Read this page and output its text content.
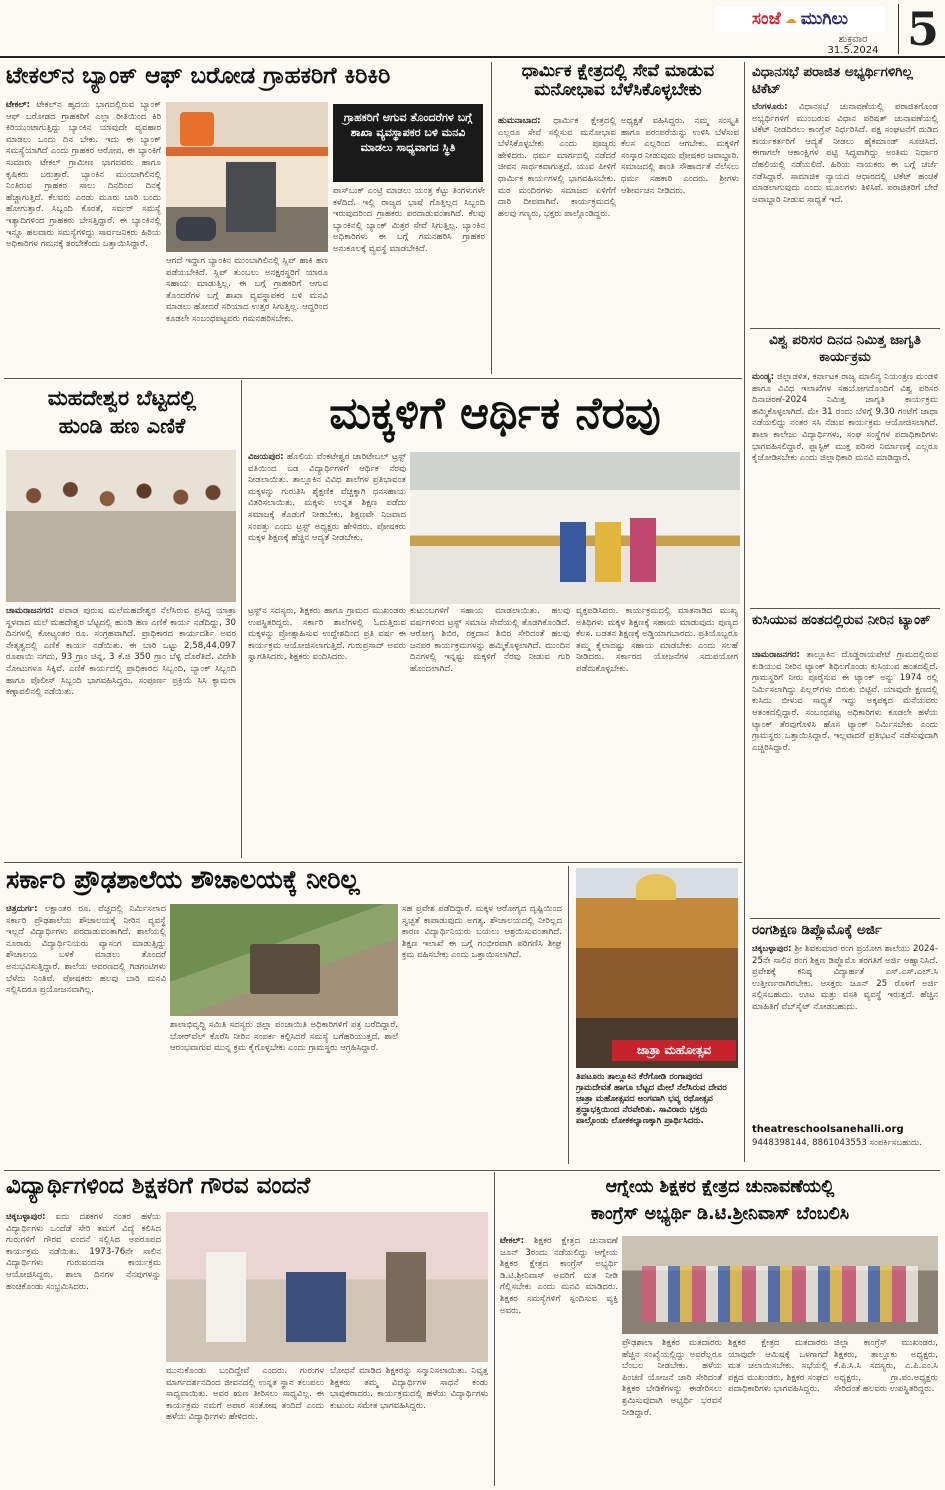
ಸಂಜೆ ☁ ಮುಗಿಲು
ಶುಕ್ರವಾರ
31.5.2024 5
ಟೇಕಲ್‌ನ ಬ್ಯಾಂಕ್ ಆಫ್ ಬರೋಡ ಗ್ರಾಹಕರಿಗೆ ಕಿರಿಕಿರಿ
ಟೇಕಲ್: ಟೇಕಲ್‌ನ ಹೃದಯ ಭಾಗದಲ್ಲಿರುವ ಬ್ಯಾಂಕ್ ಆಫ್ ಬರೋಡದ ಗ್ರಾಹಕರಿಗೆ ಎಲ್ಲಾ ರೀತಿಯಿಂದ ಕಿರಿ ಕಿರಿಯುಂಟಾಗುತ್ತಿದ್ದು ಬ್ಯಾಂಕಿನ ಯಾವುದೇ ವ್ಯವಹಾರ ಮಾಡಲು ಒಂದು ದಿನ ಬೇಕು. ಇದು ಈ ಬ್ಯಾಂಕ್ ಸಮಸ್ಯೆಯಾಗಿದೆ ಎಂದು ಗ್ರಾಹಕರ ಆರೋಪ. ಈ ಬ್ಯಾಂಕಿಗೆ ಸುಮಾರು ಟೇಕಲ್ ಗ್ರಾಮೀಣ ಭಾಗದವರು ಹಾಗೂ ಕೃಷಿಕರು ಬರುತ್ತಾರೆ. ಬ್ಯಾಂಕಿನ ಮುಂಬಾಗಿಲಿನಲ್ಲಿ ನಿಂತಿರುವ ಗ್ರಾಹಕರ ಸಾಲು ದಿನದಿಂದ ದಿನಕ್ಕೆ ಹೆಚ್ಚಾಗುತ್ತಿದೆ. ಕೆಲವರು ಎರಡು ಮೂರು ಬಾರಿ ಬಂದು ಹೋಗುತ್ತಾರೆ. ಸಿಬ್ಬಂದಿ ಕೊರತೆ, ಸರ್ವರ್ ಸಮಸ್ಯೆ ಇತ್ಯಾದಿಗಳಿಂದ ಗ್ರಾಹಕರು ಬೇಸತ್ತಿದ್ದಾರೆ. ಈ ಬ್ಯಾಂಕಿನಲ್ಲಿ ಇನ್ನೂ ಹಲವಾರು ಸಮಸ್ಯೆಗಳಿದ್ದು ಸಾರ್ವಜನಿಕರು ಹಿರಿಯ ಅಧಿಕಾರಿಗಳ ಗಮನಕ್ಕೆ ತರಬೇಕೆಂದು ಒತ್ತಾಯಿಸಿದ್ದಾರೆ.
ಗ್ರಾಹಕರಿಗೆ ಆಗುವ ತೊಂದರೆಗಳ ಬಗ್ಗೆ ಶಾಖಾ ವ್ಯವಸ್ಥಾಪಕರ ಬಳಿ ಮನವಿ ಮಾಡಲು ಸಾಧ್ಯವಾಗದ ಸ್ಥಿತಿ
ಆಗದೆ ಇದ್ದಾಗ ಬ್ಯಾಂಕಿನ ಮುಂಬಾಗಿಲಿನಲ್ಲಿ ಸ್ಲಿಪ್ ಹಾಕಿ ಹಣ ಪಡೆಯಬೇಕಿದೆ. ಸ್ಲಿಪ್ ತುಂಬಲು ಅನಕ್ಷರಸ್ಥರಿಗೆ ಯಾರೂ ಸಹಾಯ ಮಾಡುತ್ತಿಲ್ಲ. ಈ ಬಗ್ಗೆ ಗ್ರಾಹಕರಿಗೆ ಆಗುವ ತೊಂದರೆಗಳ ಬಗ್ಗೆ ಶಾಖಾ ವ್ಯವಸ್ಥಾಪಕರ ಬಳಿ ಮನವಿ ಮಾಡಲು ಹೋದರೆ ಸರಿಯಾದ ಉತ್ತರ ಸಿಗುತ್ತಿಲ್ಲ. ಆದ್ದರಿಂದ ಕೂಡಲೇ ಸಂಬಂಧಪಟ್ಟವರು ಗಮನಹರಿಸಬೇಕು.
ಪಾಸ್‌ಬುಕ್ ಎಂಟ್ರಿ ಮಾಡಲು ಯಂತ್ರ ಕೆಟ್ಟು ತಿಂಗಳುಗಳೇ ಕಳೆದಿದೆ. ಇಲ್ಲಿ ರಾಜ್ಯದ ಭಾಷೆ ಗೊತ್ತಿಲ್ಲದ ಸಿಬ್ಬಂದಿ ಇರುವುದರಿಂದ ಗ್ರಾಹಕರು ಪರದಾಡುವಂತಾಗಿದೆ. ಕೆಲವು ಬ್ಯಾಂಕಿನಲ್ಲಿ ಬ್ಯಾಂಕ್ ಮಿತ್ರರ ಸೇವೆ ಸಿಗುತ್ತಿಲ್ಲ. ಬ್ಯಾಂಕಿನ ಅಧಿಕಾರಿಗಳು ಈ ಬಗ್ಗೆ ಗಮನಹರಿಸಿ ಗ್ರಾಹಕರ ಅನುಕೂಲಕ್ಕೆ ವ್ಯವಸ್ಥೆ ಮಾಡಬೇಕಿದೆ.
ಧಾರ್ಮಿಕ ಕ್ಷೇತ್ರದಲ್ಲಿ ಸೇವೆ ಮಾಡುವ ಮನೋಭಾವ ಬೆಳೆಸಿಕೊಳ್ಳಬೇಕು
ಹುಮನಾಬಾದ: ಧಾರ್ಮಿಕ ಕ್ಷೇತ್ರದಲ್ಲಿ ಎಲ್ಲರೂ ಸೇವೆ ಸಲ್ಲಿಸುವ ಮನೋಭಾವ ಬೆಳೆಸಿಕೊಳ್ಳಬೇಕು ಎಂದು ಪೂಜ್ಯರು ಹೇಳಿದರು. ಧರ್ಮ ಮಾರ್ಗದಲ್ಲಿ ನಡೆದರೆ ಜೀವನ ಸಾರ್ಥಕವಾಗುತ್ತದೆ. ಯುವ ಪೀಳಿಗೆ ಧಾರ್ಮಿಕ ಕಾರ್ಯಗಳಲ್ಲಿ ಭಾಗವಹಿಸಬೇಕು. ಮಠ ಮಂದಿರಗಳು ಸಮಾಜದ ಏಳಿಗೆಗೆ ದಾರಿ ದೀಪವಾಗಿವೆ. ಕಾರ್ಯಕ್ರಮದಲ್ಲಿ ಹಲವು ಗಣ್ಯರು, ಭಕ್ತರು ಪಾಲ್ಗೊಂಡಿದ್ದರು.
ಅಧ್ಯಕ್ಷತೆ ವಹಿಸಿದ್ದರು. ನಮ್ಮ ಸಂಸ್ಕೃತಿ ಹಾಗೂ ಪರಂಪರೆಯನ್ನು ಉಳಿಸಿ ಬೆಳೆಸುವ ಕೆಲಸ ಎಲ್ಲರಿಂದ ಆಗಬೇಕು. ಮಕ್ಕಳಿಗೆ ಸಂಸ್ಕಾರ ನೀಡುವುದು ಪೋಷಕರ ಜವಾಬ್ದಾರಿ. ಸಮಾಜದಲ್ಲಿ ಶಾಂತಿ ಸೌಹಾರ್ದತೆ ನೆಲೆಸಲು ಧರ್ಮ ಸಹಕಾರಿ ಎಂದರು. ಶ್ರೀಗಳು ಆಶೀರ್ವಚನ ನೀಡಿದರು.
ವಿಧಾನಸಭೆ ಪರಾಜಿತ ಅಭ್ಯರ್ಥಿಗಳಿಗಿಲ್ಲ ಟಿಕೆಟ್
ಬೆಂಗಳೂರು: ವಿಧಾನಸಭೆ ಚುನಾವಣೆಯಲ್ಲಿ ಪರಾಜಿತಗೊಂಡ ಅಭ್ಯರ್ಥಿಗಳಿಗೆ ಮುಂಬರುವ ವಿಧಾನ ಪರಿಷತ್ ಚುನಾವಣೆಯಲ್ಲಿ ಟಿಕೆಟ್ ನೀಡದಿರಲು ಕಾಂಗ್ರೆಸ್ ನಿರ್ಧರಿಸಿದೆ. ಪಕ್ಷ ಸಂಘಟನೆಗೆ ದುಡಿದ ಕಾರ್ಯಕರ್ತರಿಗೆ ಆದ್ಯತೆ ನೀಡಲು ಹೈಕಮಾಂಡ್ ಸೂಚಿಸಿದೆ. ಈಗಾಗಲೇ ಆಕಾಂಕ್ಷಿಗಳ ಪಟ್ಟಿ ಸಿದ್ಧವಾಗಿದ್ದು ಅಂತಿಮ ನಿರ್ಧಾರ ದೆಹಲಿಯಲ್ಲಿ ನಡೆಯಲಿದೆ. ಹಿರಿಯ ನಾಯಕರು ಈ ಬಗ್ಗೆ ಚರ್ಚೆ ನಡೆಸಿದ್ದಾರೆ. ಸಾಮಾಜಿಕ ನ್ಯಾಯದ ಆಧಾರದಲ್ಲಿ ಟಿಕೆಟ್ ಹಂಚಿಕೆ ಮಾಡಲಾಗುವುದು ಎಂದು ಮೂಲಗಳು ತಿಳಿಸಿವೆ. ಪರಾಜಿತರಿಗೆ ಬೇರೆ ಜವಾಬ್ದಾರಿ ನೀಡುವ ಸಾಧ್ಯತೆ ಇದೆ.
ವಿಶ್ವ ಪರಿಸರ ದಿನದ ನಿಮಿತ್ತ ಜಾಗೃತಿ ಕಾರ್ಯಕ್ರಮ
ಮಂಡ್ಯ: ಜಿಲ್ಲಾಡಳಿತ, ಕರ್ನಾಟಕ ರಾಜ್ಯ ಮಾಲಿನ್ಯ ನಿಯಂತ್ರಣ ಮಂಡಳಿ ಹಾಗೂ ವಿವಿಧ ಇಲಾಖೆಗಳ ಸಹಯೋಗದೊಂದಿಗೆ ವಿಶ್ವ ಪರಿಸರ ದಿನಾಚರಣೆ-2024 ನಿಮಿತ್ತ ಜಾಗೃತಿ ಕಾರ್ಯಕ್ರಮ ಹಮ್ಮಿಕೊಳ್ಳಲಾಗಿದೆ. ಮೇ 31 ರಂದು ಬೆಳಿಗ್ಗೆ 9.30 ಗಂಟೆಗೆ ಜಾಥಾ ನಡೆಯಲಿದ್ದು ನಂತರ ಸಸಿ ನೆಡುವ ಕಾರ್ಯಕ್ರಮ ಆಯೋಜಿಸಲಾಗಿದೆ. ಶಾಲಾ ಕಾಲೇಜು ವಿದ್ಯಾರ್ಥಿಗಳು, ಸಂಘ ಸಂಸ್ಥೆಗಳ ಪದಾಧಿಕಾರಿಗಳು ಭಾಗವಹಿಸಲಿದ್ದಾರೆ. ಪ್ಲಾಸ್ಟಿಕ್ ಮುಕ್ತ ಪರಿಸರ ನಿರ್ಮಾಣಕ್ಕೆ ಎಲ್ಲರೂ ಕೈಜೋಡಿಸಬೇಕು ಎಂದು ಜಿಲ್ಲಾಧಿಕಾರಿ ಮನವಿ ಮಾಡಿದ್ದಾರೆ.
ಕುಸಿಯುವ ಹಂತದಲ್ಲಿರುವ ನೀರಿನ ಟ್ಯಾಂಕ್
ಚಾಮರಾಜನಗರ: ತಾಲ್ಲೂಕಿನ ದೊಡ್ಡರಾಯಪೇಟೆ ಗ್ರಾಮದಲ್ಲಿರುವ ಕುಡಿಯುವ ನೀರಿನ ಟ್ಯಾಂಕ್ ಶಿಥಿಲಗೊಂಡು ಕುಸಿಯುವ ಹಂತದಲ್ಲಿದೆ. ಗ್ರಾಮಸ್ಥರಿಗೆ ನೀರು ಪೂರೈಸುವ ಈ ಟ್ಯಾಂಕ್ ಅನ್ನು 1974 ರಲ್ಲಿ ನಿರ್ಮಿಸಲಾಗಿದ್ದು ಪಿಲ್ಲರ್‌ಗಳು ಬಿರುಕು ಬಿಟ್ಟಿವೆ. ಯಾವುದೇ ಕ್ಷಣದಲ್ಲಿ ಕುಸಿದು ಬೀಳುವ ಸಾಧ್ಯತೆ ಇದ್ದು ಅಕ್ಕಪಕ್ಕದ ಮನೆಯವರು ಆತಂಕದಲ್ಲಿದ್ದಾರೆ. ಸಂಬಂಧಪಟ್ಟ ಅಧಿಕಾರಿಗಳು ಕೂಡಲೇ ಹಳೆಯ ಟ್ಯಾಂಕ್ ತೆರವುಗೊಳಿಸಿ ಹೊಸ ಟ್ಯಾಂಕ್ ನಿರ್ಮಿಸಬೇಕು ಎಂದು ಗ್ರಾಮಸ್ಥರು ಒತ್ತಾಯಿಸಿದ್ದಾರೆ. ಇಲ್ಲವಾದರೆ ಪ್ರತಿಭಟನೆ ನಡೆಸುವುದಾಗಿ ಎಚ್ಚರಿಸಿದ್ದಾರೆ.
ರಂಗಶಿಕ್ಷಣ ಡಿಪ್ಲೊಮೊಕ್ಕೆ ಅರ್ಜಿ
ಚಿಕ್ಕಬಳ್ಳಾಪುರ: ಶ್ರೀ ಶಿವಕುಮಾರ ರಂಗ ಪ್ರಯೋಗ ಶಾಲೆಯು 2024-25ನೇ ಸಾಲಿನ ರಂಗ ಶಿಕ್ಷಣ ಡಿಪ್ಲೊಮೊ ತರಗತಿಗೆ ಅರ್ಜಿ ಆಹ್ವಾನಿಸಿದೆ. ಪ್ರವೇಶಕ್ಕೆ ಕನಿಷ್ಠ ವಿದ್ಯಾರ್ಹತೆ ಎಸ್.ಎಸ್.ಎಲ್.ಸಿ ಉತ್ತೀರ್ಣರಾಗಿರಬೇಕು. ಆಸಕ್ತರು ಜೂನ್ 25 ರೊಳಗೆ ಅರ್ಜಿ ಸಲ್ಲಿಸಬಹುದು. ಊಟ ಮತ್ತು ವಸತಿ ವ್ಯವಸ್ಥೆ ಇರುತ್ತದೆ. ಹೆಚ್ಚಿನ ಮಾಹಿತಿಗೆ ವೆಬ್‌ಸೈಟ್ ನೋಡಬಹುದು.
theatreschoolsanehalli.org
9448398144, 8861043553 ಸಂಪರ್ಕಿಸಬಹುದು.
ಮಹದೇಶ್ವರ ಬೆಟ್ಟದಲ್ಲಿ
ಹುಂಡಿ ಹಣ ಎಣಿಕೆ
ಚಾಮರಾಜನಗರ: ಪವಾಡ ಪುರುಷ ಮಲೆಮಹದೇಶ್ವರ ನೆಲೆಸಿರುವ ಪ್ರಸಿದ್ಧ ಯಾತ್ರಾ ಸ್ಥಳವಾದ ಮಲೆ ಮಹದೇಶ್ವರ ಬೆಟ್ಟದಲ್ಲಿ ಹುಂಡಿ ಹಣ ಎಣಿಕೆ ಕಾರ್ಯ ನಡೆದಿದ್ದು, 30 ದಿನಗಳಲ್ಲಿ ಕೋಟ್ಯಂತರ ರೂ. ಸಂಗ್ರಹವಾಗಿದೆ. ಪ್ರಾಧಿಕಾರದ ಕಾರ್ಯದರ್ಶಿ ಅವರ ನೇತೃತ್ವದಲ್ಲಿ ಎಣಿಕೆ ಕಾರ್ಯ ನಡೆಯಿತು. ಈ ಬಾರಿ ಒಟ್ಟು 2,58,44,097 ರೂಪಾಯಿ ನಗದು, 93 ಗ್ರಾಂ ಚಿನ್ನ, 3 ಕೆ.ಜಿ 350 ಗ್ರಾಂ ಬೆಳ್ಳಿ ದೊರೆತಿದೆ. ವಿದೇಶಿ ನೋಟುಗಳೂ ಸಿಕ್ಕಿವೆ. ಎಣಿಕೆ ಕಾರ್ಯದಲ್ಲಿ ಪ್ರಾಧಿಕಾರದ ಸಿಬ್ಬಂದಿ, ಬ್ಯಾಂಕ್ ಸಿಬ್ಬಂದಿ ಹಾಗೂ ಪೊಲೀಸ್ ಸಿಬ್ಬಂದಿ ಭಾಗವಹಿಸಿದ್ದರು. ಸಂಪೂರ್ಣ ಪ್ರಕ್ರಿಯೆ ಸಿಸಿ ಕ್ಯಾಮರಾ ಕಣ್ಗಾವಲಿನಲ್ಲಿ ನಡೆಯಿತು.
ಮಕ್ಕಳಿಗೆ ಆರ್ಥಿಕ ನೆರವು
ವಿಜಯಪುರ: ಹೊಲಿಯ ವೆಂಕಟೇಶ್ವರ ಚಾರಿಟೇಬಲ್ ಟ್ರಸ್ಟ್ ವತಿಯಿಂದ ಬಡ ವಿದ್ಯಾರ್ಥಿಗಳಿಗೆ ಆರ್ಥಿಕ ನೆರವು ನೀಡಲಾಯಿತು. ತಾಲ್ಲೂಕಿನ ವಿವಿಧ ಶಾಲೆಗಳ ಪ್ರತಿಭಾವಂತ ಮಕ್ಕಳನ್ನು ಗುರುತಿಸಿ ಶೈಕ್ಷಣಿಕ ವೆಚ್ಚಕ್ಕಾಗಿ ಧನಸಹಾಯ ವಿತರಿಸಲಾಯಿತು. ಮಕ್ಕಳು ಉನ್ನತ ಶಿಕ್ಷಣ ಪಡೆದು ಸಮಾಜಕ್ಕೆ ಕೊಡುಗೆ ನೀಡಬೇಕು. ಶಿಕ್ಷಣವೇ ನಿಜವಾದ ಸಂಪತ್ತು ಎಂದು ಟ್ರಸ್ಟ್ ಅಧ್ಯಕ್ಷರು ಹೇಳಿದರು. ಪೋಷಕರು ಮಕ್ಕಳ ಶಿಕ್ಷಣಕ್ಕೆ ಹೆಚ್ಚಿನ ಆದ್ಯತೆ ನೀಡಬೇಕು.
ಟ್ರಸ್ಟ್‌ನ ಸದಸ್ಯರು, ಶಿಕ್ಷಕರು ಹಾಗೂ ಗ್ರಾಮದ ಮುಖಂಡರು ಉಪಸ್ಥಿತರಿದ್ದರು. ಸರ್ಕಾರಿ ಶಾಲೆಗಳಲ್ಲಿ ಓದುತ್ತಿರುವ ಮಕ್ಕಳನ್ನು ಪ್ರೋತ್ಸಾಹಿಸುವ ಉದ್ದೇಶದಿಂದ ಪ್ರತಿ ವರ್ಷ ಈ ಕಾರ್ಯಕ್ರಮ ಆಯೋಜಿಸಲಾಗುತ್ತಿದೆ. ಗುರುಪ್ರಸಾದ್ ಅವರು ಸ್ವಾಗತಿಸಿದರು, ಶಿಕ್ಷಕರು ವಂದಿಸಿದರು.
ಕುಟುಂಬಗಳಿಗೆ ಸಹಾಯ ಮಾಡಲಾಯಿತು. ಹಲವು ವರ್ಷಗಳಿಂದ ಟ್ರಸ್ಟ್ ಸಮಾಜ ಸೇವೆಯಲ್ಲಿ ತೊಡಗಿಕೊಂಡಿದೆ. ಆರೋಗ್ಯ ಶಿಬಿರ, ರಕ್ತದಾನ ಶಿಬಿರ ಸೇರಿದಂತೆ ಹಲವು ಜನಪರ ಕಾರ್ಯಕ್ರಮಗಳನ್ನು ಹಮ್ಮಿಕೊಳ್ಳಲಾಗಿದೆ. ಮುಂದಿನ ದಿನಗಳಲ್ಲಿ ಇನ್ನಷ್ಟು ಮಕ್ಕಳಿಗೆ ನೆರವು ನೀಡುವ ಗುರಿ ಹೊಂದಲಾಗಿದೆ.
ವ್ಯಕ್ತಪಡಿಸಿದರು. ಕಾರ್ಯಕ್ರಮದಲ್ಲಿ ಮಾತನಾಡಿದ ಮುಖ್ಯ ಅತಿಥಿಗಳು ಮಕ್ಕಳ ಶಿಕ್ಷಣಕ್ಕೆ ಸಹಾಯ ಮಾಡುವುದು ಪುಣ್ಯದ ಕೆಲಸ. ಬಡತನ ಶಿಕ್ಷಣಕ್ಕೆ ಅಡ್ಡಿಯಾಗಬಾರದು. ಪ್ರತಿಯೊಬ್ಬರೂ ತಮ್ಮ ಕೈಲಾದಷ್ಟು ಸಹಾಯ ಮಾಡಬೇಕು ಎಂದು ಸಲಹೆ ನೀಡಿದರು. ಸರ್ಕಾರದ ಯೋಜನೆಗಳ ಸದುಪಯೋಗ ಪಡೆದುಕೊಳ್ಳಬೇಕು.
ಸರ್ಕಾರಿ ಪ್ರೌಢಶಾಲೆಯ ಶೌಚಾಲಯಕ್ಕೆ ನೀರಿಲ್ಲ
ಚಿತ್ರದುರ್ಗ: ಲಕ್ಷಾಂತರ ರೂ. ವೆಚ್ಚದಲ್ಲಿ ನಿರ್ಮಿಸಲಾದ ಸರ್ಕಾರಿ ಪ್ರೌಢಶಾಲೆಯ ಶೌಚಾಲಯಕ್ಕೆ ನೀರಿನ ವ್ಯವಸ್ಥೆ ಇಲ್ಲದೆ ವಿದ್ಯಾರ್ಥಿಗಳು ಪರದಾಡುವಂತಾಗಿದೆ. ಶಾಲೆಯಲ್ಲಿ ನೂರಾರು ವಿದ್ಯಾರ್ಥಿನಿಯರು ವ್ಯಾಸಂಗ ಮಾಡುತ್ತಿದ್ದು ಶೌಚಾಲಯ ಬಳಕೆ ಮಾಡಲು ತೊಂದರೆ ಅನುಭವಿಸುತ್ತಿದ್ದಾರೆ. ಶಾಲೆಯ ಆವರಣದಲ್ಲಿ ಗಿಡಗಂಟಿಗಳು ಬೆಳೆದು ನಿಂತಿವೆ. ಪೋಷಕರು ಹಲವು ಬಾರಿ ಮನವಿ ಸಲ್ಲಿಸಿದರೂ ಪ್ರಯೋಜನವಾಗಿಲ್ಲ.
ಶಾಲಾಭಿವೃದ್ಧಿ ಸಮಿತಿ ಸದಸ್ಯರು ಜಿಲ್ಲಾ ಪಂಚಾಯಿತಿ ಅಧಿಕಾರಿಗಳಿಗೆ ಪತ್ರ ಬರೆದಿದ್ದಾರೆ. ಬೋರ್‌ವೆಲ್ ಕೊರೆಸಿ ನೀರಿನ ಸಂಪರ್ಕ ಕಲ್ಪಿಸಿದರೆ ಸಮಸ್ಯೆ ಬಗೆಹರಿಯುತ್ತದೆ. ಶಾಲೆ ಆರಂಭವಾಗುವ ಮುನ್ನ ಕ್ರಮ ಕೈಗೊಳ್ಳಬೇಕು ಎಂದು ಗ್ರಾಮಸ್ಥರು ಆಗ್ರಹಿಸಿದ್ದಾರೆ.
ಸಹ ಪ್ರವೇಶ ಪಡೆದಿದ್ದಾರೆ. ಮಕ್ಕಳ ಆರೋಗ್ಯದ ದೃಷ್ಟಿಯಿಂದ ಸ್ವಚ್ಛತೆ ಕಾಪಾಡುವುದು ಅಗತ್ಯ. ಶೌಚಾಲಯದಲ್ಲಿ ನೀರಿಲ್ಲದ ಕಾರಣ ವಿದ್ಯಾರ್ಥಿನಿಯರು ಬಯಲು ಆಶ್ರಯಿಸುವಂತಾಗಿದೆ. ಶಿಕ್ಷಣ ಇಲಾಖೆ ಈ ಬಗ್ಗೆ ಗಂಭೀರವಾಗಿ ಪರಿಗಣಿಸಿ ಶೀಘ್ರ ಕ್ರಮ ವಹಿಸಬೇಕು ಎಂದು ಒತ್ತಾಯಿಸಲಾಗಿದೆ.
ಜಾತ್ರಾ ಮಹೋತ್ಸವ
ತಿಪಟೂರು ತಾಲ್ಲೂಕಿನ ಕೆರೆಗೋಡಿ ರಂಗಾಪುರದ ಗ್ರಾಮದೇವತೆ ಹಾಗೂ ಬೆಟ್ಟದ ಮೇಲೆ ನೆಲೆಸಿರುವ ದೇವರ ಜಾತ್ರಾ ಮಹೋತ್ಸವದ ಅಂಗವಾಗಿ ಭವ್ಯ ರಥೋತ್ಸವ ಶ್ರದ್ಧಾಭಕ್ತಿಯಿಂದ ನೆರವೇರಿತು. ಸಾವಿರಾರು ಭಕ್ತರು ಪಾಲ್ಗೊಂಡು ಲೋಕಕಲ್ಯಾಣಕ್ಕಾಗಿ ಪ್ರಾರ್ಥಿಸಿದರು.
ವಿದ್ಯಾರ್ಥಿಗಳಿಂದ ಶಿಕ್ಷಕರಿಗೆ ಗೌರವ ವಂದನೆ
ಚಿಕ್ಕಬಳ್ಳಾಪುರ: ಐದು ದಶಕಗಳ ನಂತರ ಹಳೆಯ ವಿದ್ಯಾರ್ಥಿಗಳು ಒಂದೆಡೆ ಸೇರಿ ತಮಗೆ ವಿದ್ಯೆ ಕಲಿಸಿದ ಗುರುಗಳಿಗೆ ಗೌರವ ವಂದನೆ ಸಲ್ಲಿಸಿದ ಅಪರೂಪದ ಕಾರ್ಯಕ್ರಮ ನಡೆಯಿತು. 1973-76ನೇ ಸಾಲಿನ ವಿದ್ಯಾರ್ಥಿಗಳು ಗುರುವಂದನಾ ಕಾರ್ಯಕ್ರಮ ಆಯೋಜಿಸಿದ್ದರು. ಶಾಲಾ ದಿನಗಳ ನೆನಪುಗಳನ್ನು ಹಂಚಿಕೊಂಡು ಸಂಭ್ರಮಿಸಿದರು.
ಮುನುಕೊಂಡು ಬಂದಿದ್ದೇವೆ ಎಂದರು. ಗುರುಗಳ ಮಾರ್ಗದರ್ಶನದಿಂದ ಜೀವನದಲ್ಲಿ ಉನ್ನತ ಸ್ಥಾನ ತಲುಪಲು ಸಾಧ್ಯವಾಯಿತು. ಅವರ ಋಣ ತೀರಿಸಲು ಸಾಧ್ಯವಿಲ್ಲ. ಈ ಕಾರ್ಯಕ್ರಮ ನಮಗೆ ಅಪಾರ ಸಂತೋಷ ತಂದಿದೆ ಎಂದು ಹಳೆಯ ವಿದ್ಯಾರ್ಥಿಗಳು ಹೇಳಿದರು.
ಬೋಧನೆ ಮಾಡಿದ ಶಿಕ್ಷಕರನ್ನು ಸನ್ಮಾನಿಸಲಾಯಿತು. ನಿವೃತ್ತ ಶಿಕ್ಷಕರು ತಮ್ಮ ವಿದ್ಯಾರ್ಥಿಗಳ ಸಾಧನೆ ಕಂಡು ಭಾವುಕರಾದರು. ಕಾರ್ಯಕ್ರಮದಲ್ಲಿ ಹಳೆಯ ವಿದ್ಯಾರ್ಥಿಗಳು ಕುಟುಂಬ ಸಮೇತ ಭಾಗವಹಿಸಿದ್ದರು.
ಆಗ್ನೇಯ ಶಿಕ್ಷಕರ ಕ್ಷೇತ್ರದ ಚುನಾವಣೆಯಲ್ಲಿ
ಕಾಂಗ್ರೆಸ್ ಅಭ್ಯರ್ಥಿ ಡಿ.ಟಿ.ಶ್ರೀನಿವಾಸ್ ಬೆಂಬಲಿಸಿ
ಟೇಕಲ್: ಶಿಕ್ಷಕರ ಕ್ಷೇತ್ರದ ಚುನಾವಣೆ ಜೂನ್ 3ರಂದು ನಡೆಯಲಿದ್ದು ಆಗ್ನೇಯ ಶಿಕ್ಷಕರ ಕ್ಷೇತ್ರದ ಕಾಂಗ್ರೆಸ್ ಅಭ್ಯರ್ಥಿ ಡಿ.ಟಿ.ಶ್ರೀನಿವಾಸ್ ಅವರಿಗೆ ಮತ ನೀಡಿ ಗೆಲ್ಲಿಸಬೇಕು ಎಂದು ಮನವಿ ಮಾಡಿದರು. ಶಿಕ್ಷಕರ ಸಮಸ್ಯೆಗಳಿಗೆ ಸ್ಪಂದಿಸುವ ವ್ಯಕ್ತಿ ಅವರು.
ಪ್ರೌಢಶಾಲಾ ಶಿಕ್ಷಕರ ಮತದಾರರು ಹೆಚ್ಚಿನ ಸಂಖ್ಯೆಯಲ್ಲಿದ್ದು ಅವರೆಲ್ಲರೂ ಬೆಂಬಲ ನೀಡಬೇಕು. ಹಳೆಯ ಪಿಂಚಣಿ ಯೋಜನೆ ಜಾರಿ ಸೇರಿದಂತೆ ಶಿಕ್ಷಕರ ಬೇಡಿಕೆಗಳನ್ನು ಈಡೇರಿಸಲು ಶ್ರಮಿಸುವುದಾಗಿ ಅಭ್ಯರ್ಥಿ ಭರವಸೆ ನೀಡಿದ್ದಾರೆ.
ಶಿಕ್ಷಕರ ಕ್ಷೇತ್ರದ ಮತದಾರರು ಯಾವುದೇ ಆಮಿಷಕ್ಕೆ ಒಳಗಾಗದೆ ಮತ ಚಲಾಯಿಸಬೇಕು. ಸಭೆಯಲ್ಲಿ ಪಕ್ಷದ ಮುಖಂಡರು, ಶಿಕ್ಷಕರ ಸಂಘದ ಪದಾಧಿಕಾರಿಗಳು ಭಾಗವಹಿಸಿದ್ದರು.
ಜಿಲ್ಲಾ ಕಾಂಗ್ರೆಸ್ ಮುಖಂಡರು, ಶಿಕ್ಷಕರು, ತಾಲ್ಲೂಕು ಅಧ್ಯಕ್ಷರು, ಕೆ.ಪಿ.ಸಿ.ಸಿ ಸದಸ್ಯರು, ಎ.ಪಿ.ಎಂ.ಸಿ ಅಧ್ಯಕ್ಷರು, ಗ್ರಾ.ಪಂ.ಅಧ್ಯಕ್ಷರು ಸೇರಿದಂತೆ ಹಲವರು ಉಪಸ್ಥಿತರಿದ್ದರು.
